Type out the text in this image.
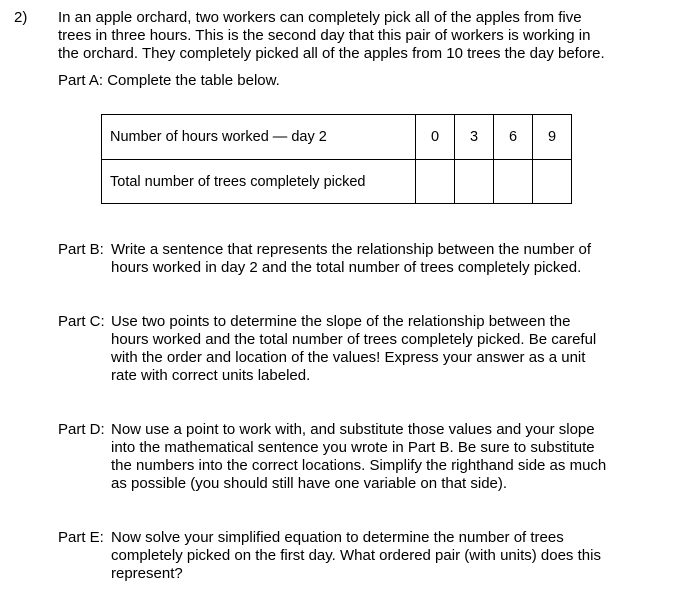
2) In an apple orchard, two workers can completely pick all of the apples from five
trees in three hours. This is the second day that this pair of workers is working in
the orchard. They completely picked all of the apples from 10 trees the day before.
Part A: Complete the table below.
Number of hours worked — day 2	0	3	6	9
Total number of trees completely picked				
Part B: Write a sentence that represents the relationship between the number of
hours worked in day 2 and the total number of trees completely picked.
Part C: Use two points to determine the slope of the relationship between the
hours worked and the total number of trees completely picked. Be careful
with the order and location of the values! Express your answer as a unit
rate with correct units labeled.
Part D: Now use a point to work with, and substitute those values and your slope
into the mathematical sentence you wrote in Part B. Be sure to substitute
the numbers into the correct locations. Simplify the righthand side as much
as possible (you should still have one variable on that side).
Part E: Now solve your simplified equation to determine the number of trees
completely picked on the first day. What ordered pair (with units) does this
represent?
